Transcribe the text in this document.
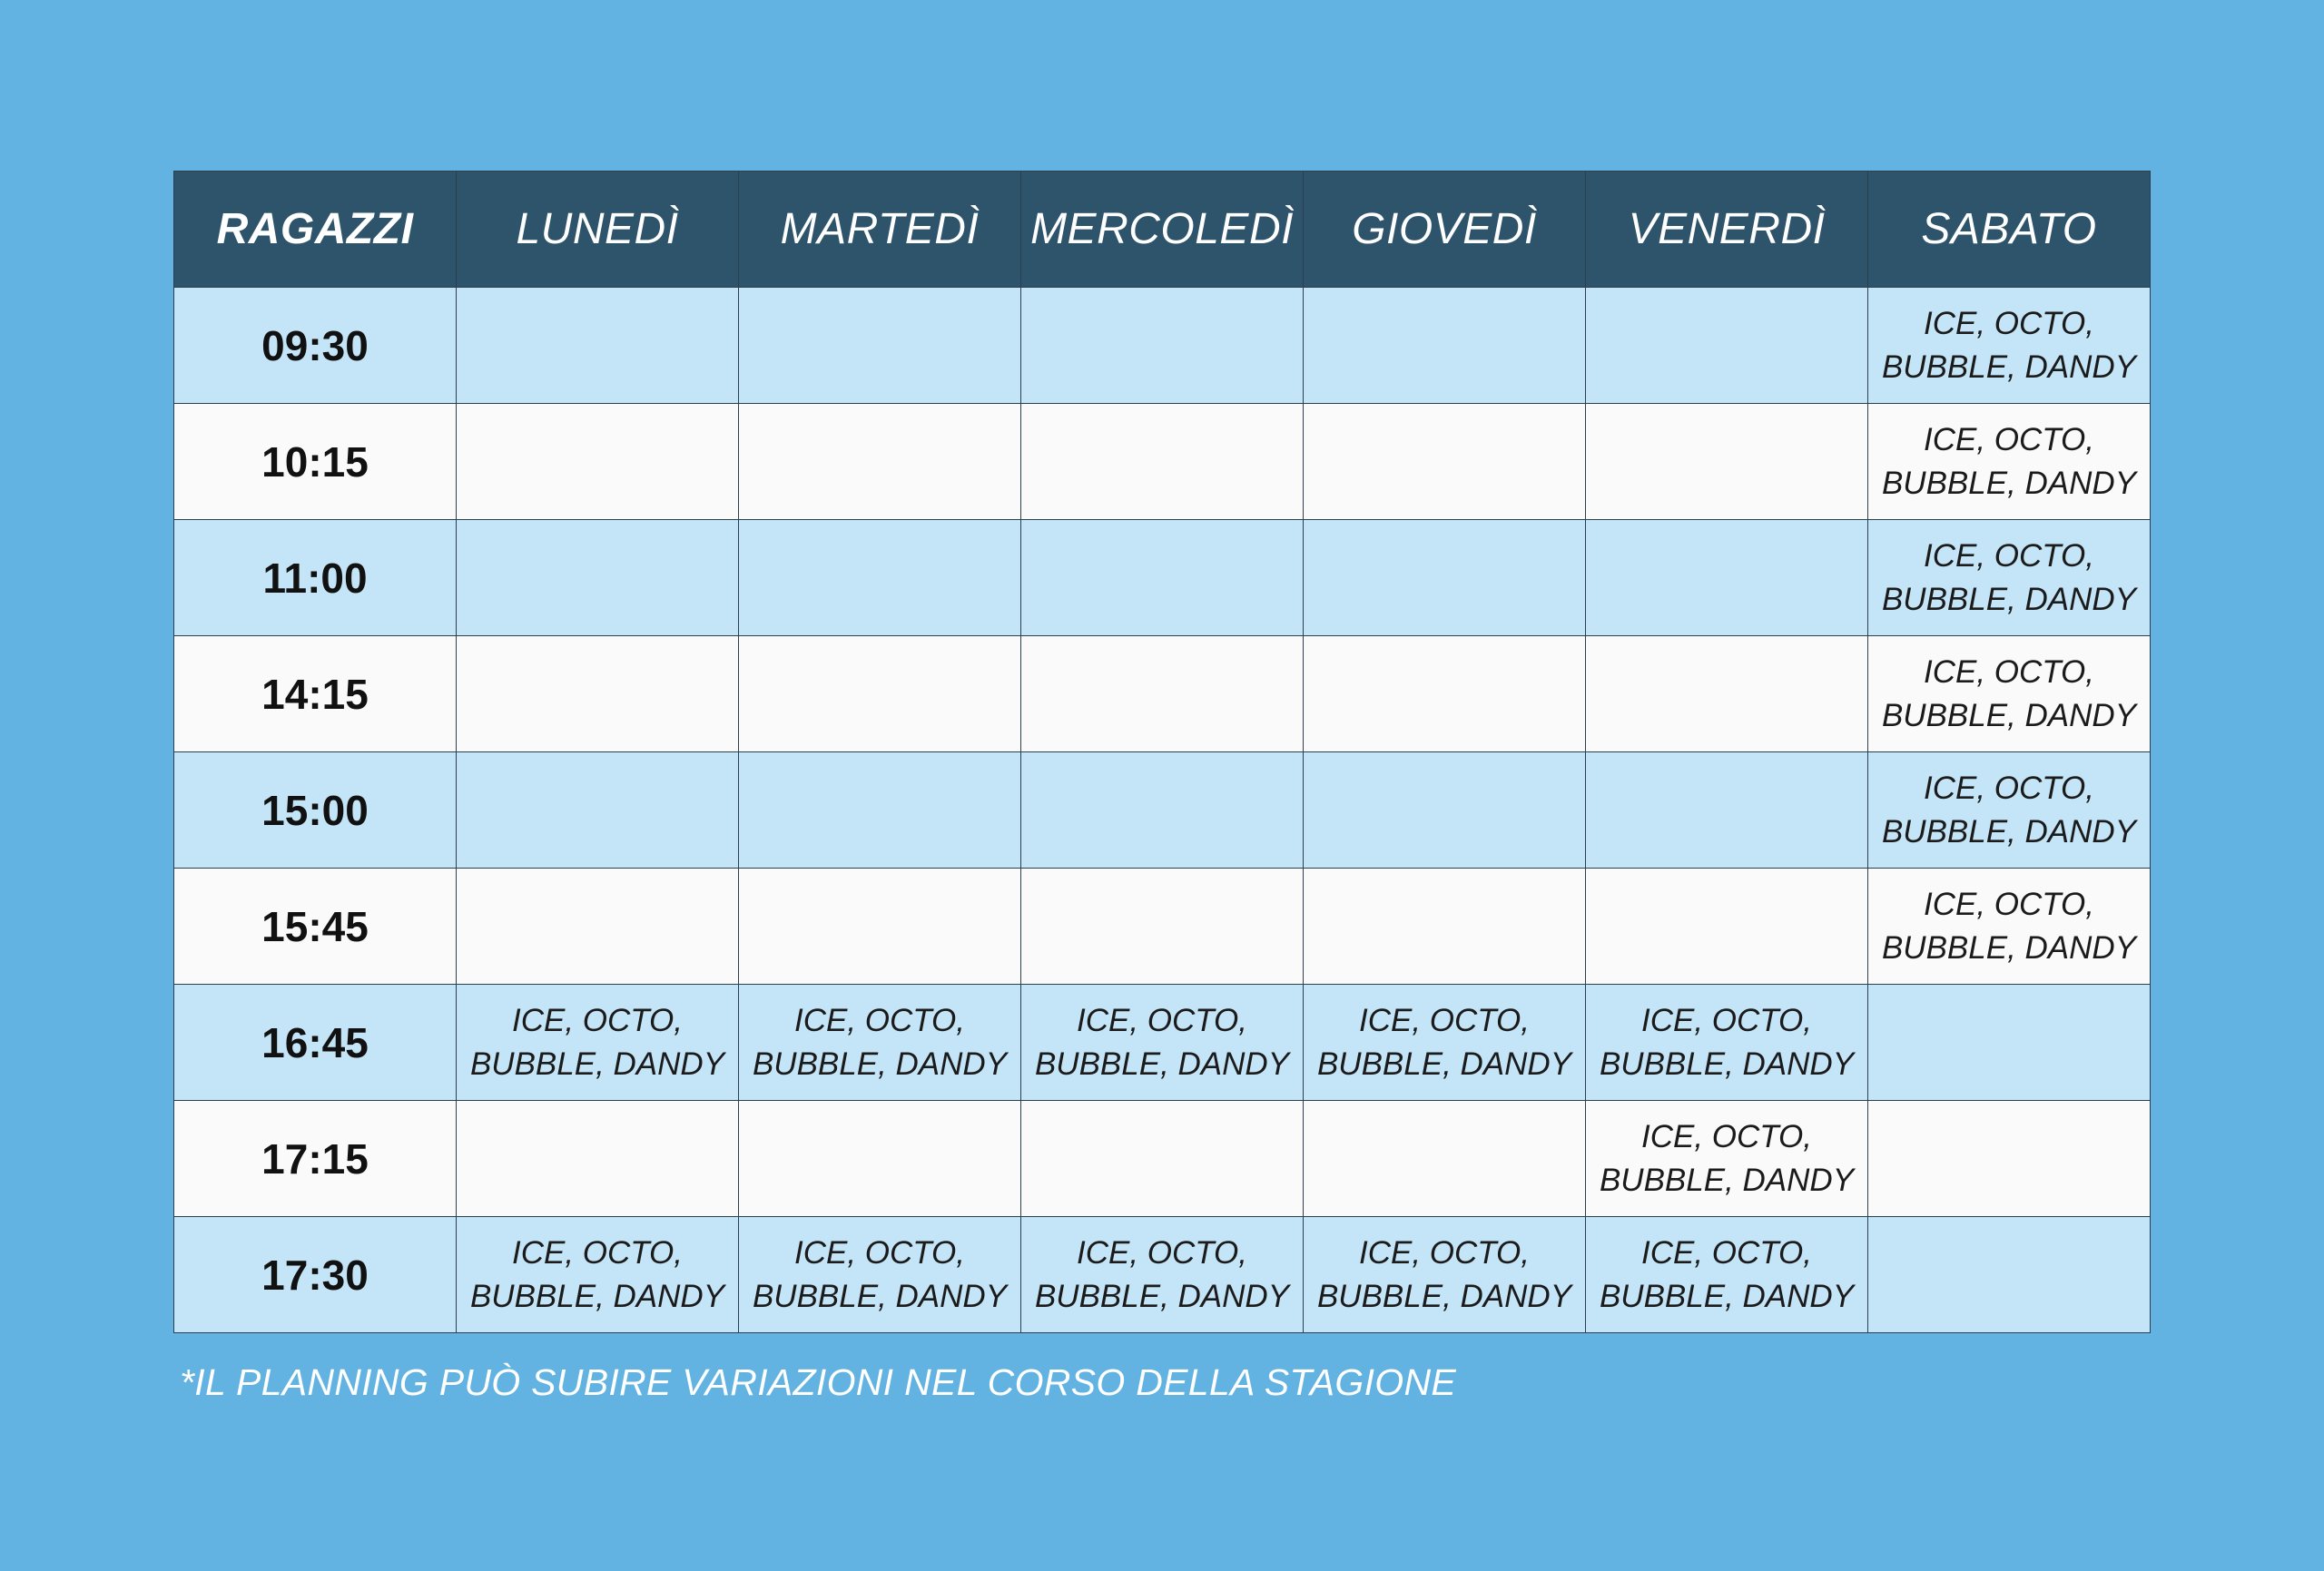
RAGAZZI	LUNEDÌ	MARTEDÌ	MERCOLEDÌ	GIOVEDÌ	VENERDÌ	SABATO
09:30						ICE, OCTO,
BUBBLE, DANDY

10:15						ICE, OCTO,
BUBBLE, DANDY

11:00						ICE, OCTO,
BUBBLE, DANDY

14:15						ICE, OCTO,
BUBBLE, DANDY

15:00						ICE, OCTO,
BUBBLE, DANDY

15:45						ICE, OCTO,
BUBBLE, DANDY

16:45	ICE, OCTO,
BUBBLE, DANDY	ICE, OCTO,
BUBBLE, DANDY	ICE, OCTO,
BUBBLE, DANDY	ICE, OCTO,
BUBBLE, DANDY	ICE, OCTO,
BUBBLE, DANDY	

17:15					ICE, OCTO,
BUBBLE, DANDY	

17:30	ICE, OCTO,
BUBBLE, DANDY	ICE, OCTO,
BUBBLE, DANDY	ICE, OCTO,
BUBBLE, DANDY	ICE, OCTO,
BUBBLE, DANDY	ICE, OCTO,
BUBBLE, DANDY	

*IL PLANNING PUÒ SUBIRE VARIAZIONI NEL CORSO DELLA STAGIONE
